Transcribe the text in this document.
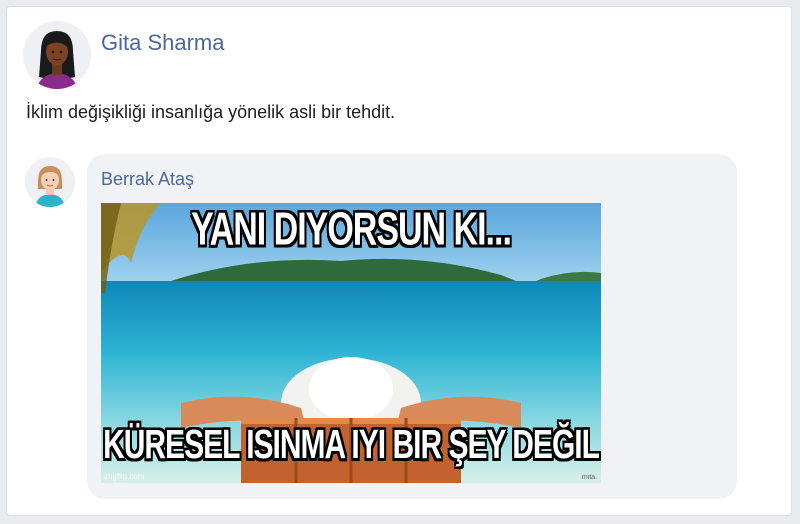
Gita Sharma
İklim değişikliği insanlığa yönelik asli bir tehdit.
Berrak Ataş
YANI DIYORSUN KI...
KÜRESEL ISINMA IYI BIR ŞEY DEĞIL
imgflip.com	mita.
